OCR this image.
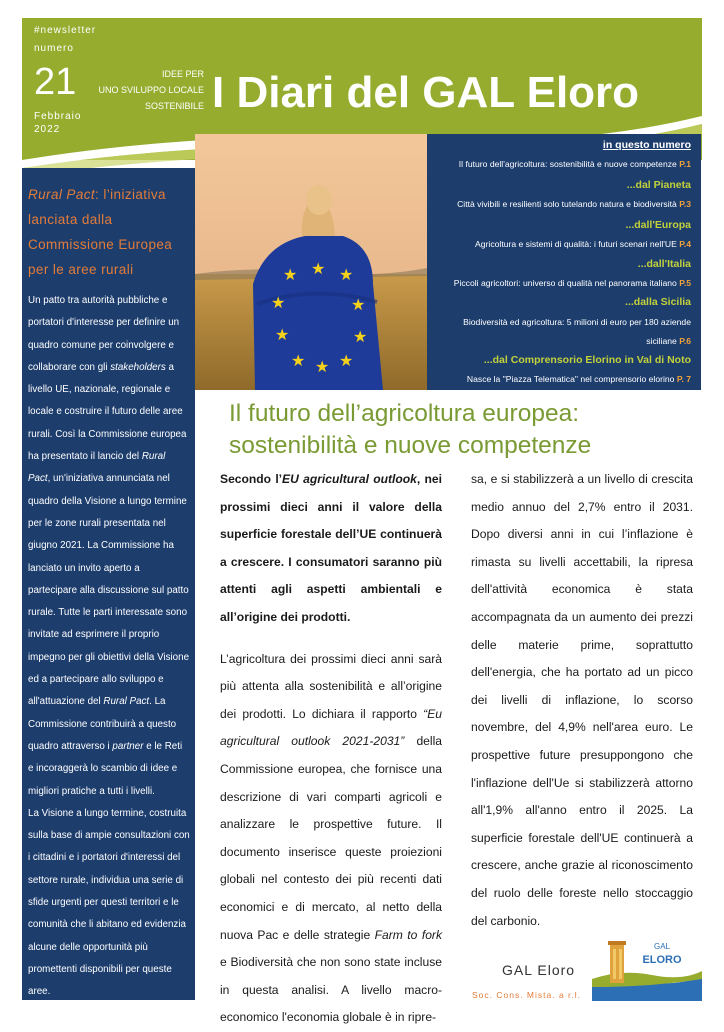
#newsletter
numero
21
Febbraio
2022
IDEE PER
UNO SVILUPPO LOCALE
SOSTENIBILE I Diari del GAL Eloro
Rural Pact: l’iniziativa lanciata dalla Commissione Europea per le aree rurali

Un patto tra autorità pubbliche e portatori d'interesse per definire un quadro comune per coinvolgere e collaborare con gli stakeholders a livello UE, nazionale, regionale e locale e costruire il futuro delle aree rurali. Così la Commissione europea ha presentato il lancio del Rural Pact, un'iniziativa annunciata nel quadro della Visione a lungo termine per le zone rurali presentata nel giugno 2021. La Commissione ha lanciato un invito aperto a partecipare alla discussione sul patto rurale. Tutte le parti interessate sono invitate ad esprimere il proprio impegno per gli obiettivi della Visione ed a partecipare allo sviluppo e all'attuazione del Rural Pact. La Commissione contribuirà a questo quadro attraverso i partner e le Reti e incoraggerà lo scambio di idee e migliori pratiche a tutti i livelli.

La Visione a lungo termine, costruita sulla base di ampie consultazioni con i cittadini e i portatori d'interessi del settore rurale, individua una serie di sfide urgenti per questi territori e le comunità che li abitano ed evidenzia alcune delle opportunità più promettenti disponibili per queste aree.

★ ★ ★
★	★
★	★
★ ★ ★
in questo numero
Il futuro dell'agricoltura: sostenibilità e nuove competenze P.1
...dal Pianeta
Città vivibili e resilienti solo tutelando natura e biodiversità P.3
...dall'Europa
Agricoltura e sistemi di qualità: i futuri scenari nell'UE P.4
...dall'Italia
Piccoli agricoltori: universo di qualità nel panorama italiano P.5
...dalla Sicilia
Biodiversità ed agricoltura: 5 milioni di euro per 180 aziende
siciliane P.6
...dal Comprensorio Elorino in Val di Noto
Nasce la "Piazza Telematica" nel comprensorio elorino P. 7
Il futuro dell’agricoltura europea: sostenibilità e nuove competenze

Secondo l’EU agricultural outlook, nei prossimi dieci anni il valore della superficie forestale dell’UE continuerà a crescere. I consumatori saranno più attenti agli aspetti ambientali e all’origine dei prodotti.

L’agricoltura dei prossimi dieci anni sarà più attenta alla sostenibilità e all’origine dei prodotti. Lo dichiara il rapporto “Eu agricultural outlook 2021-2031” della Commissione europea, che fornisce una descrizione di vari comparti agricoli e analizzare le prospettive future. Il documento inserisce queste proiezioni globali nel contesto dei più recenti dati economici e di mercato, al netto della nuova Pac e delle strategie Farm to fork e Biodiversità che non sono state incluse in questa analisi. A livello macro-economico l'economia globale è in ripre-

sa, e si stabilizzerà a un livello di crescita medio annuo del 2,7% entro il 2031. Dopo diversi anni in cui l’inflazione è rimasta su livelli accettabili, la ripresa dell'attività economica è stata accompagnata da un aumento dei prezzi delle materie prime, soprattutto dell'energia, che ha portato ad un picco dei livelli di inflazione, lo scorso novembre, del 4,9% nell'area euro. Le prospettive future presuppongono che l'inflazione dell'Ue si stabilizzerà attorno all'1,9% all'anno entro il 2025. La superficie forestale dell'UE continuerà a crescere, anche grazie al riconoscimento del ruolo delle foreste nello stoccaggio del carbonio.

GAL Eloro
Soc. Cons. Mista. a r.l.
GAL
ELORO
